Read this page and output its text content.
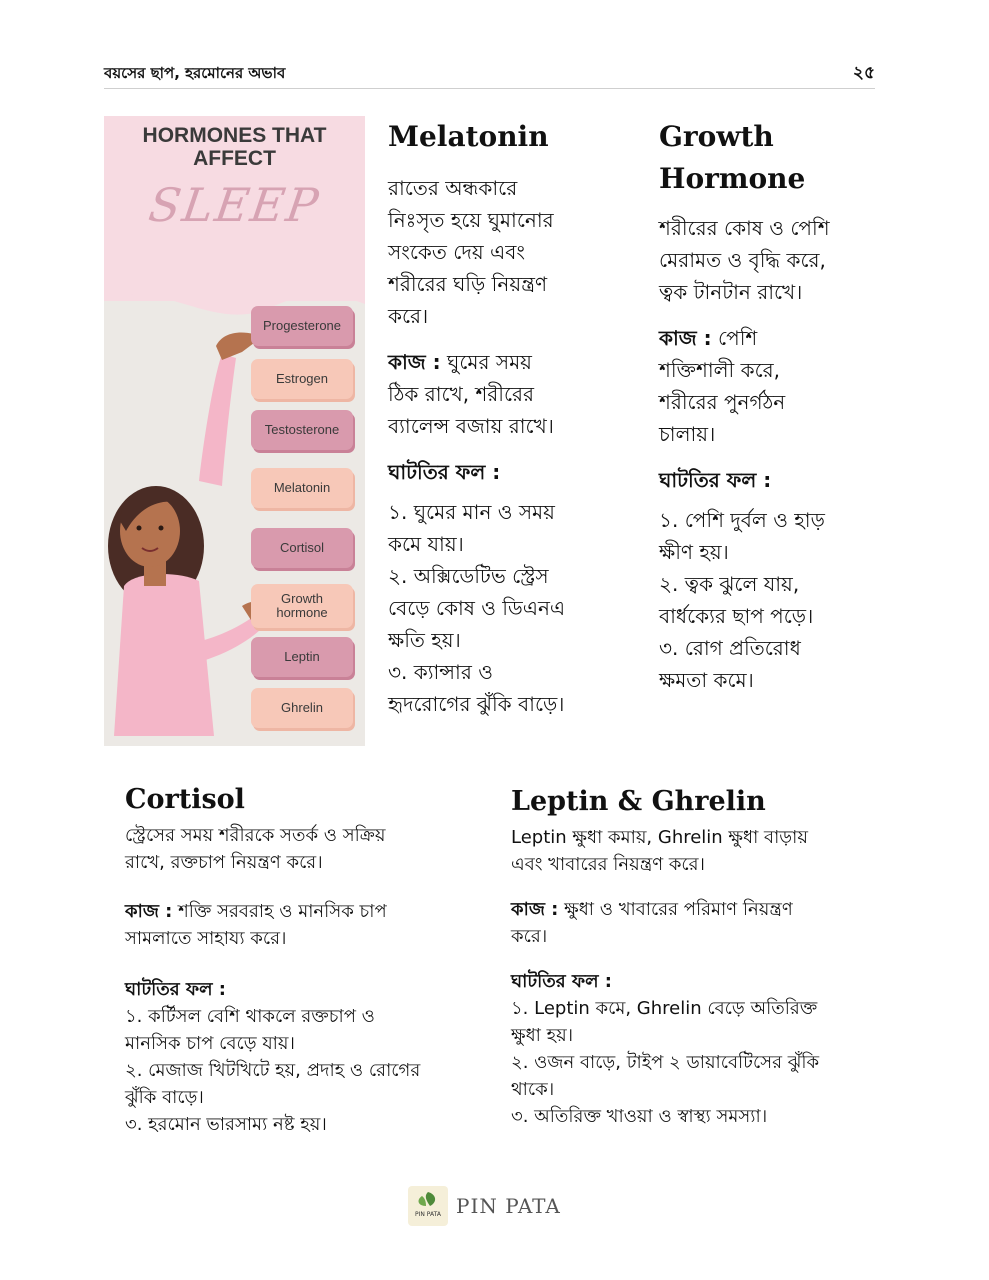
বয়সের ছাপ, হরমোনের অভাব	২৫
HORMONES THAT
AFFECT
SLEEP
Progesterone
Estrogen
Testosterone
Melatonin
Cortisol
Growth hormone
Leptin
Ghrelin
Melatonin
রাতের অন্ধকারে
নিঃসৃত হয়ে ঘুমানোর
সংকেত দেয় এবং
শরীরের ঘড়ি নিয়ন্ত্রণ
করে।
কাজ : ঘুমের সময়
ঠিক রাখে, শরীরের
ব্যালেন্স বজায় রাখে।
ঘাটতির ফল :
১. ঘুমের মান ও সময়
কমে যায়।
২. অক্সিডেটিভ স্ট্রেস
বেড়ে কোষ ও ডিএনএ
ক্ষতি হয়।
৩. ক্যান্সার ও
হৃদরোগের ঝুঁকি বাড়ে।
Growth
Hormone
শরীরের কোষ ও পেশি
মেরামত ও বৃদ্ধি করে,
ত্বক টানটান রাখে।
কাজ : পেশি
শক্তিশালী করে,
শরীরের পুনর্গঠন
চালায়।
ঘাটতির ফল :
১. পেশি দুর্বল ও হাড়
ক্ষীণ হয়।
২. ত্বক ঝুলে যায়,
বার্ধক্যের ছাপ পড়ে।
৩. রোগ প্রতিরোধ
ক্ষমতা কমে।
Cortisol
স্ট্রেসের সময় শরীরকে সতর্ক ও সক্রিয়
রাখে, রক্তচাপ নিয়ন্ত্রণ করে।
কাজ : শক্তি সরবরাহ ও মানসিক চাপ
সামলাতে সাহায্য করে।
ঘাটতির ফল :
১. কর্টিসল বেশি থাকলে রক্তচাপ ও
মানসিক চাপ বেড়ে যায়।
২. মেজাজ খিটখিটে হয়, প্রদাহ ও রোগের
ঝুঁকি বাড়ে।
৩. হরমোন ভারসাম্য নষ্ট হয়।
Leptin & Ghrelin
Leptin ক্ষুধা কমায়, Ghrelin ক্ষুধা বাড়ায়
এবং খাবারের নিয়ন্ত্রণ করে।
কাজ : ক্ষুধা ও খাবারের পরিমাণ নিয়ন্ত্রণ
করে।
ঘাটতির ফল :
১. Leptin কমে, Ghrelin বেড়ে অতিরিক্ত
ক্ষুধা হয়।
২. ওজন বাড়ে, টাইপ ২ ডায়াবেটিসের ঝুঁকি
থাকে।
৩. অতিরিক্ত খাওয়া ও স্বাস্থ্য সমস্যা।
PIN PATA PIN PATA
